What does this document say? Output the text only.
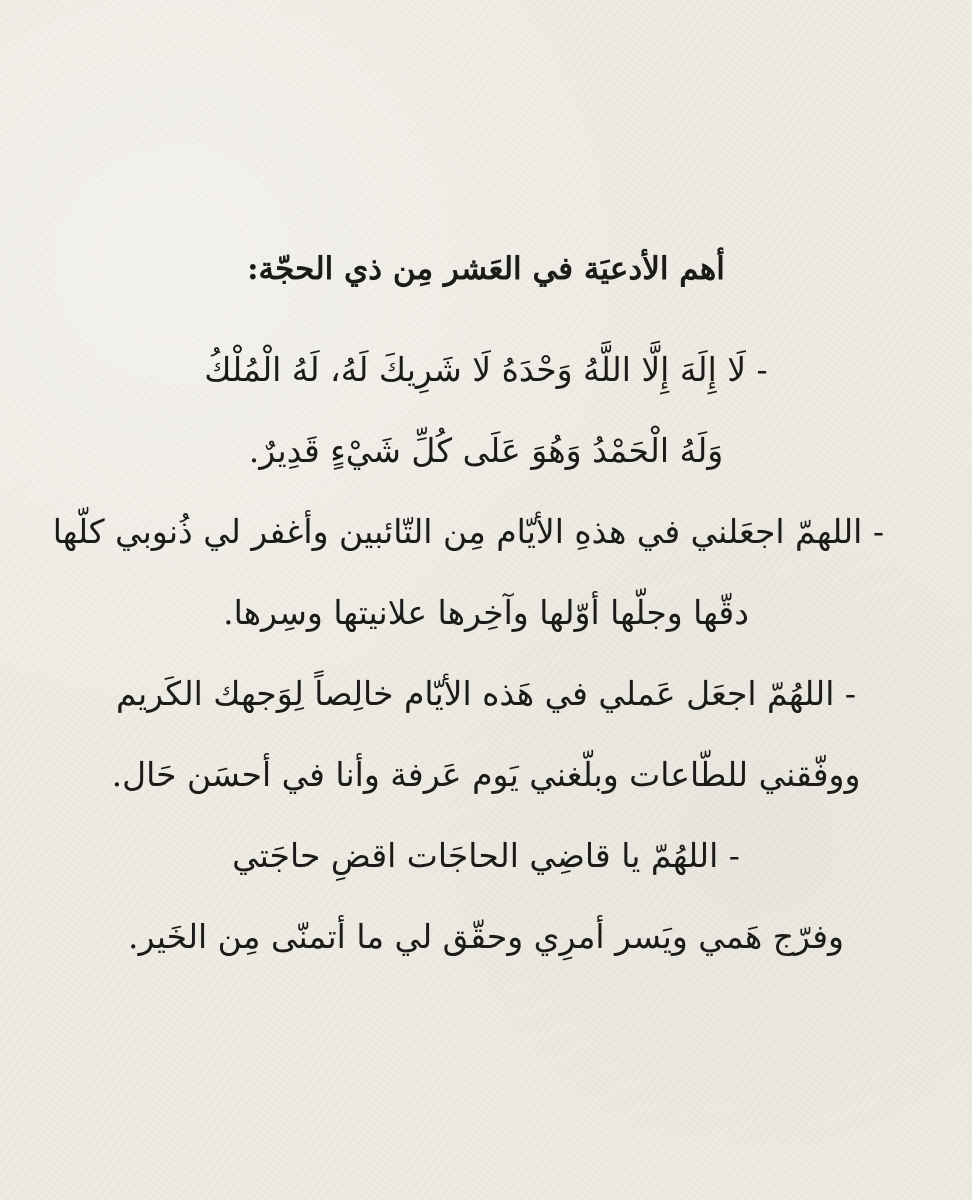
أهم الأدعيَة في العَشر مِن ذي الحجّة:
- لَا إِلَهَ إِلَّا اللَّهُ وَحْدَهُ لَا شَرِيكَ لَهُ، لَهُ الْمُلْكُ
وَلَهُ الْحَمْدُ وَهُوَ عَلَى كُلِّ شَيْءٍ قَدِيرٌ.
- اللهمّ اجعَلني في هذهِ الأيّام مِن التّائبين وأغفر لي ذُنوبي كلّها
دقّها وجلّها أوّلها وآخِرها علانيتها وسِرها.
- اللهُمّ اجعَل عَملي في هَذه الأيّام خالِصاً لِوَجهك الكَريم
ووفّقني للطّاعات وبلّغني يَوم عَرفة وأنا في أحسَن حَال.
- اللهُمّ يا قاضِي الحاجَات اقضِ حاجَتي
وفرّج هَمي ويَسر أمرِي وحقّق لي ما أتمنّى مِن الخَير.
